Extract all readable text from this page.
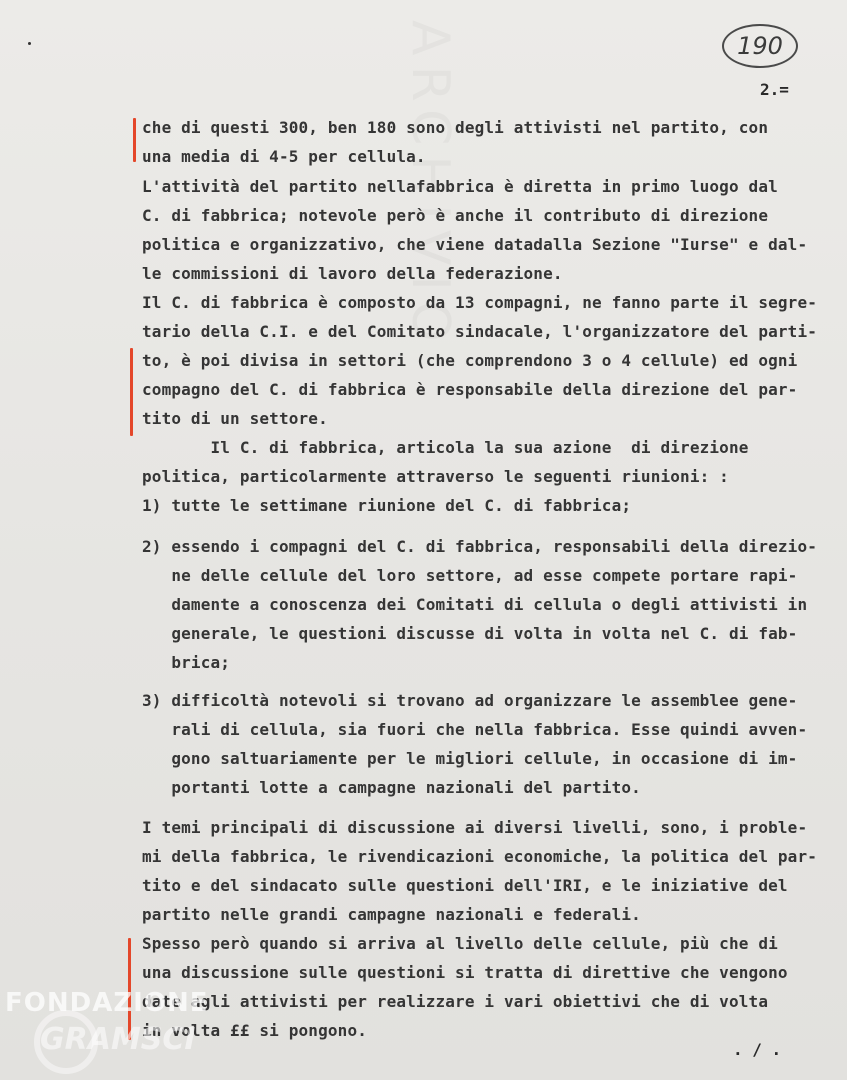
ARCHIVIO	190
2.=
che di questi 300, ben 180 sono degli attivisti nel partito, con
una media di 4-5 per cellula.
L'attività del partito nellafabbrica è diretta in primo luogo dal
C. di fabbrica; notevole però è anche il contributo di direzione
politica e organizzativo, che viene datadalla Sezione "Iurse" e dal-
le commissioni di lavoro della federazione.
Il C. di fabbrica è composto da 13 compagni, ne fanno parte il segre-
tario della C.I. e del Comitato sindacale, l'organizzatore del parti-
to, è poi divisa in settori (che comprendono 3 o 4 cellule) ed ogni
compagno del C. di fabbrica è responsabile della direzione del par-
tito di un settore.
Il C. di fabbrica, articola la sua azione  di direzione
politica, particolarmente attraverso le seguenti riunioni: :
1) tutte le settimane riunione del C. di fabbrica;
2) essendo i compagni del C. di fabbrica, responsabili della direzio-
ne delle cellule del loro settore, ad esse compete portare rapi-
damente a conoscenza dei Comitati di cellula o degli attivisti in
generale, le questioni discusse di volta in volta nel C. di fab-
brica;
3) difficoltà notevoli si trovano ad organizzare le assemblee gene-
rali di cellula, sia fuori che nella fabbrica. Esse quindi avven-
gono saltuariamente per le migliori cellule, in occasione di im-
portanti lotte a campagne nazionali del partito.
I temi principali di discussione ai diversi livelli, sono, i proble-
mi della fabbrica, le rivendicazioni economiche, la politica del par-
tito e del sindacato sulle questioni dell'IRI, e le iniziative del
partito nelle grandi campagne nazionali e federali.
Spesso però quando si arriva al livello delle cellule, più che di
una discussione sulle questioni si tratta di direttive che vengono
date agli attivisti per realizzare i vari obiettivi che di volta
in volta ££ si pongono.
. / .
FONDAZIONE
GRAMSCI
